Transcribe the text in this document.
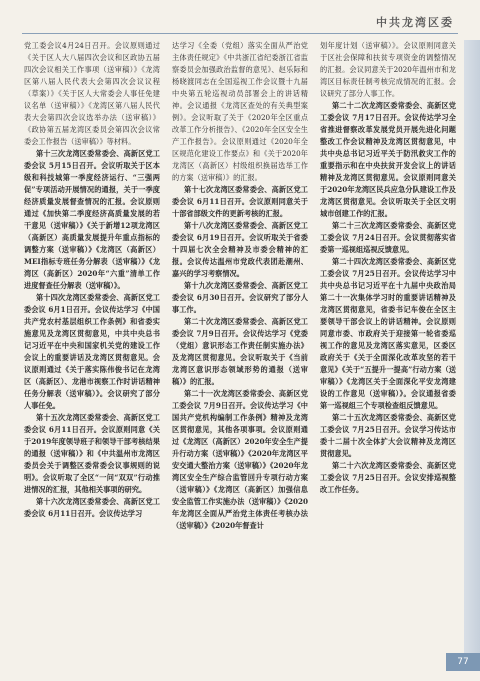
中共龙湾区委

党工委会议4月24日召开。会议原则通过《关于区人大八届四次会议和区政协五届四次会议相关工作事项（送审稿）》《龙湾区第八届人民代表大会第四次会议议程（草案）》《关于区人大常委会人事任免建议名单（送审稿）》《龙湾区第八届人民代表大会第四次会议选举办法（送审稿）》《政协第五届龙湾区委员会第四次会议常委会工作报告（送审稿）》等材料。

第十三次龙湾区委常委会、高新区党工委会议 5月15日召开。会议听取关于区本级和科技城第一季度经济运行、“三强两促”专项活动开展情况的通报，关于一季度经济质量发展督查情况的汇报。会议原则通过《加快第二季度经济高质量发展的若干意见（送审稿）》《关于新增12项龙湾区（高新区）高质量发展提升年重点指标的调整方案（送审稿）》《龙湾区（高新区）MEI指标专班任务分解表（送审稿）》《龙湾区（高新区）2020年“六重”清单工作进度督查任分解表（送审稿）》。

第十四次龙湾区委常委会、高新区党工委会议 6月1日召开。会议传达学习《中国共产党农村基层组织工作条例》和省委实施意见及龙湾区贯彻意见，中共中央总书记习近平在中央和国家机关党的建设工作会议上的重要讲话及龙湾区贯彻意见。会议原则通过《关于落实陈伟俊书记在龙湾区（高新区）、龙港市视察工作时讲话精神任务分解表（送审稿）》。会议研究了部分人事任免。

第十五次龙湾区委常委会、高新区党工委会议 6月11日召开。会议原则同意《关于2019年度领导班子和领导干部考核结果的通报（送审稿）》和《中共温州市龙湾区委员会关于调整区委常委会议事规则的说明》。会议听取了全区“一问“双双”行动推进情况的汇报，其他相关事项的研究。

第十六次龙湾区委常委会、高新区党工委会议 6月11日召开。会议传达学习

达学习《全委（党组）落实全面从严治党主体责任规定》《中共浙江省纪委浙江省监察委员会加强政治监督的意见》、赵乐际和杨晓渡同志在全国巡视工作会议暨十九届中央第五轮巡视动员部署会上的讲话精神。会议通报《龙湾区查处的有关典型案例》。会议听取了关于《2020年全区重点改革工作分析报告》、《2020年全区安全生产工作报告》。会议原则通过《2020年全区规范化建设工作要点》和《关于2020年龙湾区（高新区）村级组织换届选举工作的方案（送审稿）》的汇报。

第十七次龙湾区委常委会、高新区党工委会议 6月11日召开。会议原则同意关于十部省部级文件的更新考核的汇报。

第十八次龙湾区委常委会、高新区党工委会议 6月19日召开。会议听取关于省委十四届七次全会精神及市委会精神的汇报。会议传达温州市党政代表团赴潮州、嘉兴的学习考察情况。

第十九次龙湾区委常委会、高新区党工委会议 6月30日召开。会议研究了部分人事工作。

第二十次龙湾区委常委会、高新区党工委会议 7月9日召开。会议传达学习《党委（党组）意识形态工作责任制实施办法》及龙湾区贯彻意见。会议听取关于《当前龙湾区意识形态领域形势的通报（送审稿）》的汇报。

第二十一次龙湾区委常委会、高新区党工委会议 7月9日召开。会议传达学习《中国共产党机构编制工作条例》精神及龙湾区贯彻意见，其他各项事项。会议原则通过《龙湾区（高新区）2020年安全生产提升行动方案（送审稿）》《2020年龙湾区平安交通大整治方案（送审稿）》《2020年龙湾区安全生产综合监管回升专项行动方案（送审稿）》《龙湾区（高新区）加强信息安全监管工作实施办法（送审稿）》《2020年龙湾区全面从严治党主体责任考核办法（送审稿）》《2020年督查计

划年度计划（送审稿）》。会议原则同意关于区社会保障和扶贫专项资金的调整情况的汇报。会议同意关于2020年温州市和龙湾区目标责任制考核完成情况的汇报。会议研究了部分人事工作。

第二十二次龙湾区委常委会、高新区党工委会议 7月17日召开。会议传达学习全省推进督察改革发展党员开展先进化问题整改工作会议精神及龙湾区贯彻意见，中共中央总书记习近平关于防汛救灾工作的重要指示和在中央扶贫开发会议上的讲话精神及龙湾区贯彻意见。会议原则同意关于2020年龙湾区民兵应急分队建设工作及龙湾区贯彻意见。会议听取关于全区文明城市创建工作的汇报。

第二十三次龙湾区委常委会、高新区党工委会议 7月24日召开。会议贯彻落实省委第一巡视组巡视反馈意见。

第二十四次龙湾区委常委会、高新区党工委会议 7月25日召开。会议传达学习中共中央总书记习近平在十九届中央政治局第二十一次集体学习时的重要讲话精神及龙湾区贯彻意见，省委书记车俊在全区主要领导干部会议上的讲话精神。会议原则同意市委、市政府关于迎接第一轮省委巡视工作的意见及龙湾区落实意见，区委区政府关于《关于全面深化改革攻坚的若干意见》《关于“五提升一提高”行动方案（送审稿）》《龙湾区关于全面深化平安龙湾建设的工作意见（送审稿）》。会议通报省委第一巡视组三个专项检查组反馈意见。

第二十五次龙湾区委常委会、高新区党工委会议 7月25日召开。会议学习传达市委十二届十次全体扩大会议精神及龙湾区贯彻意见。

第二十六次龙湾区委常委会、高新区党工委会议 7月25日召开。会议安排巡视整改工作任务。

77
